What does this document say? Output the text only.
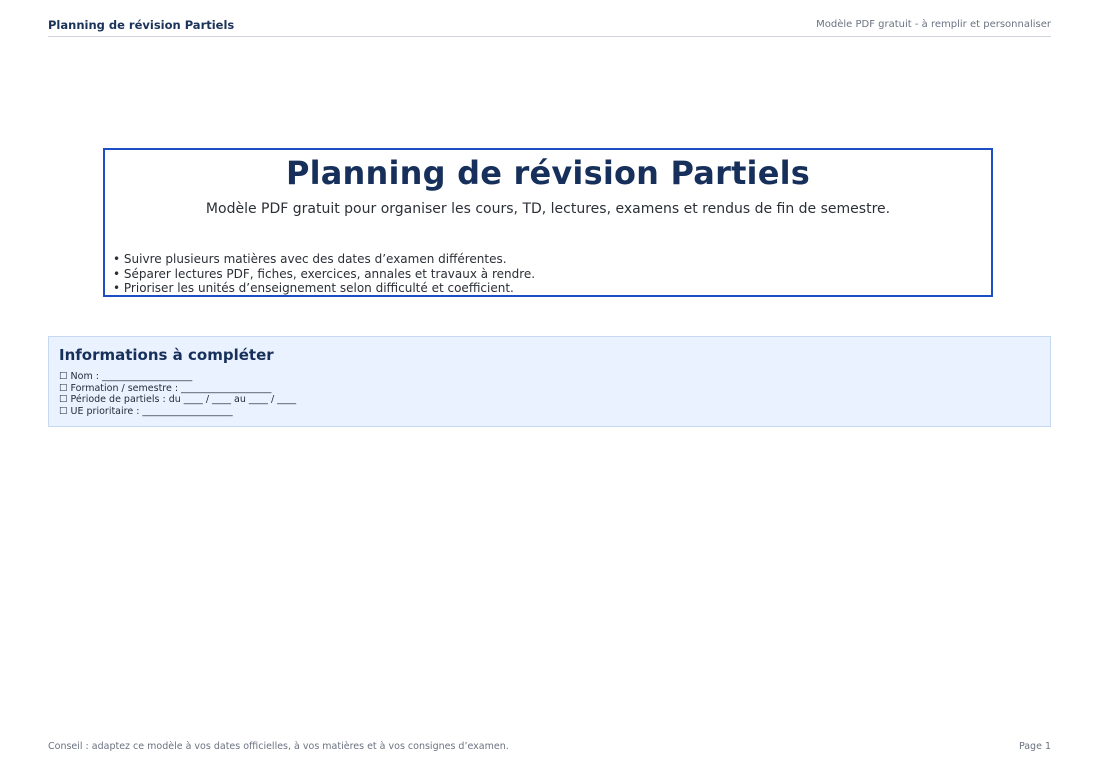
Planning de révision Partiels	Modèle PDF gratuit - à remplir et personnaliser
Planning de révision Partiels
Modèle PDF gratuit pour organiser les cours, TD, lectures, examens et rendus de fin de semestre.
• Suivre plusieurs matières avec des dates d’examen différentes.
• Séparer lectures PDF, fiches, exercices, annales et travaux à rendre.
• Prioriser les unités d’enseignement selon difficulté et coefficient.
Informations à compléter
☐ Nom : ___________________
☐ Formation / semestre : ___________________
☐ Période de partiels : du ____ / ____ au ____ / ____
☐ UE prioritaire : ___________________
Conseil : adaptez ce modèle à vos dates officielles, à vos matières et à vos consignes d’examen.	Page 1
